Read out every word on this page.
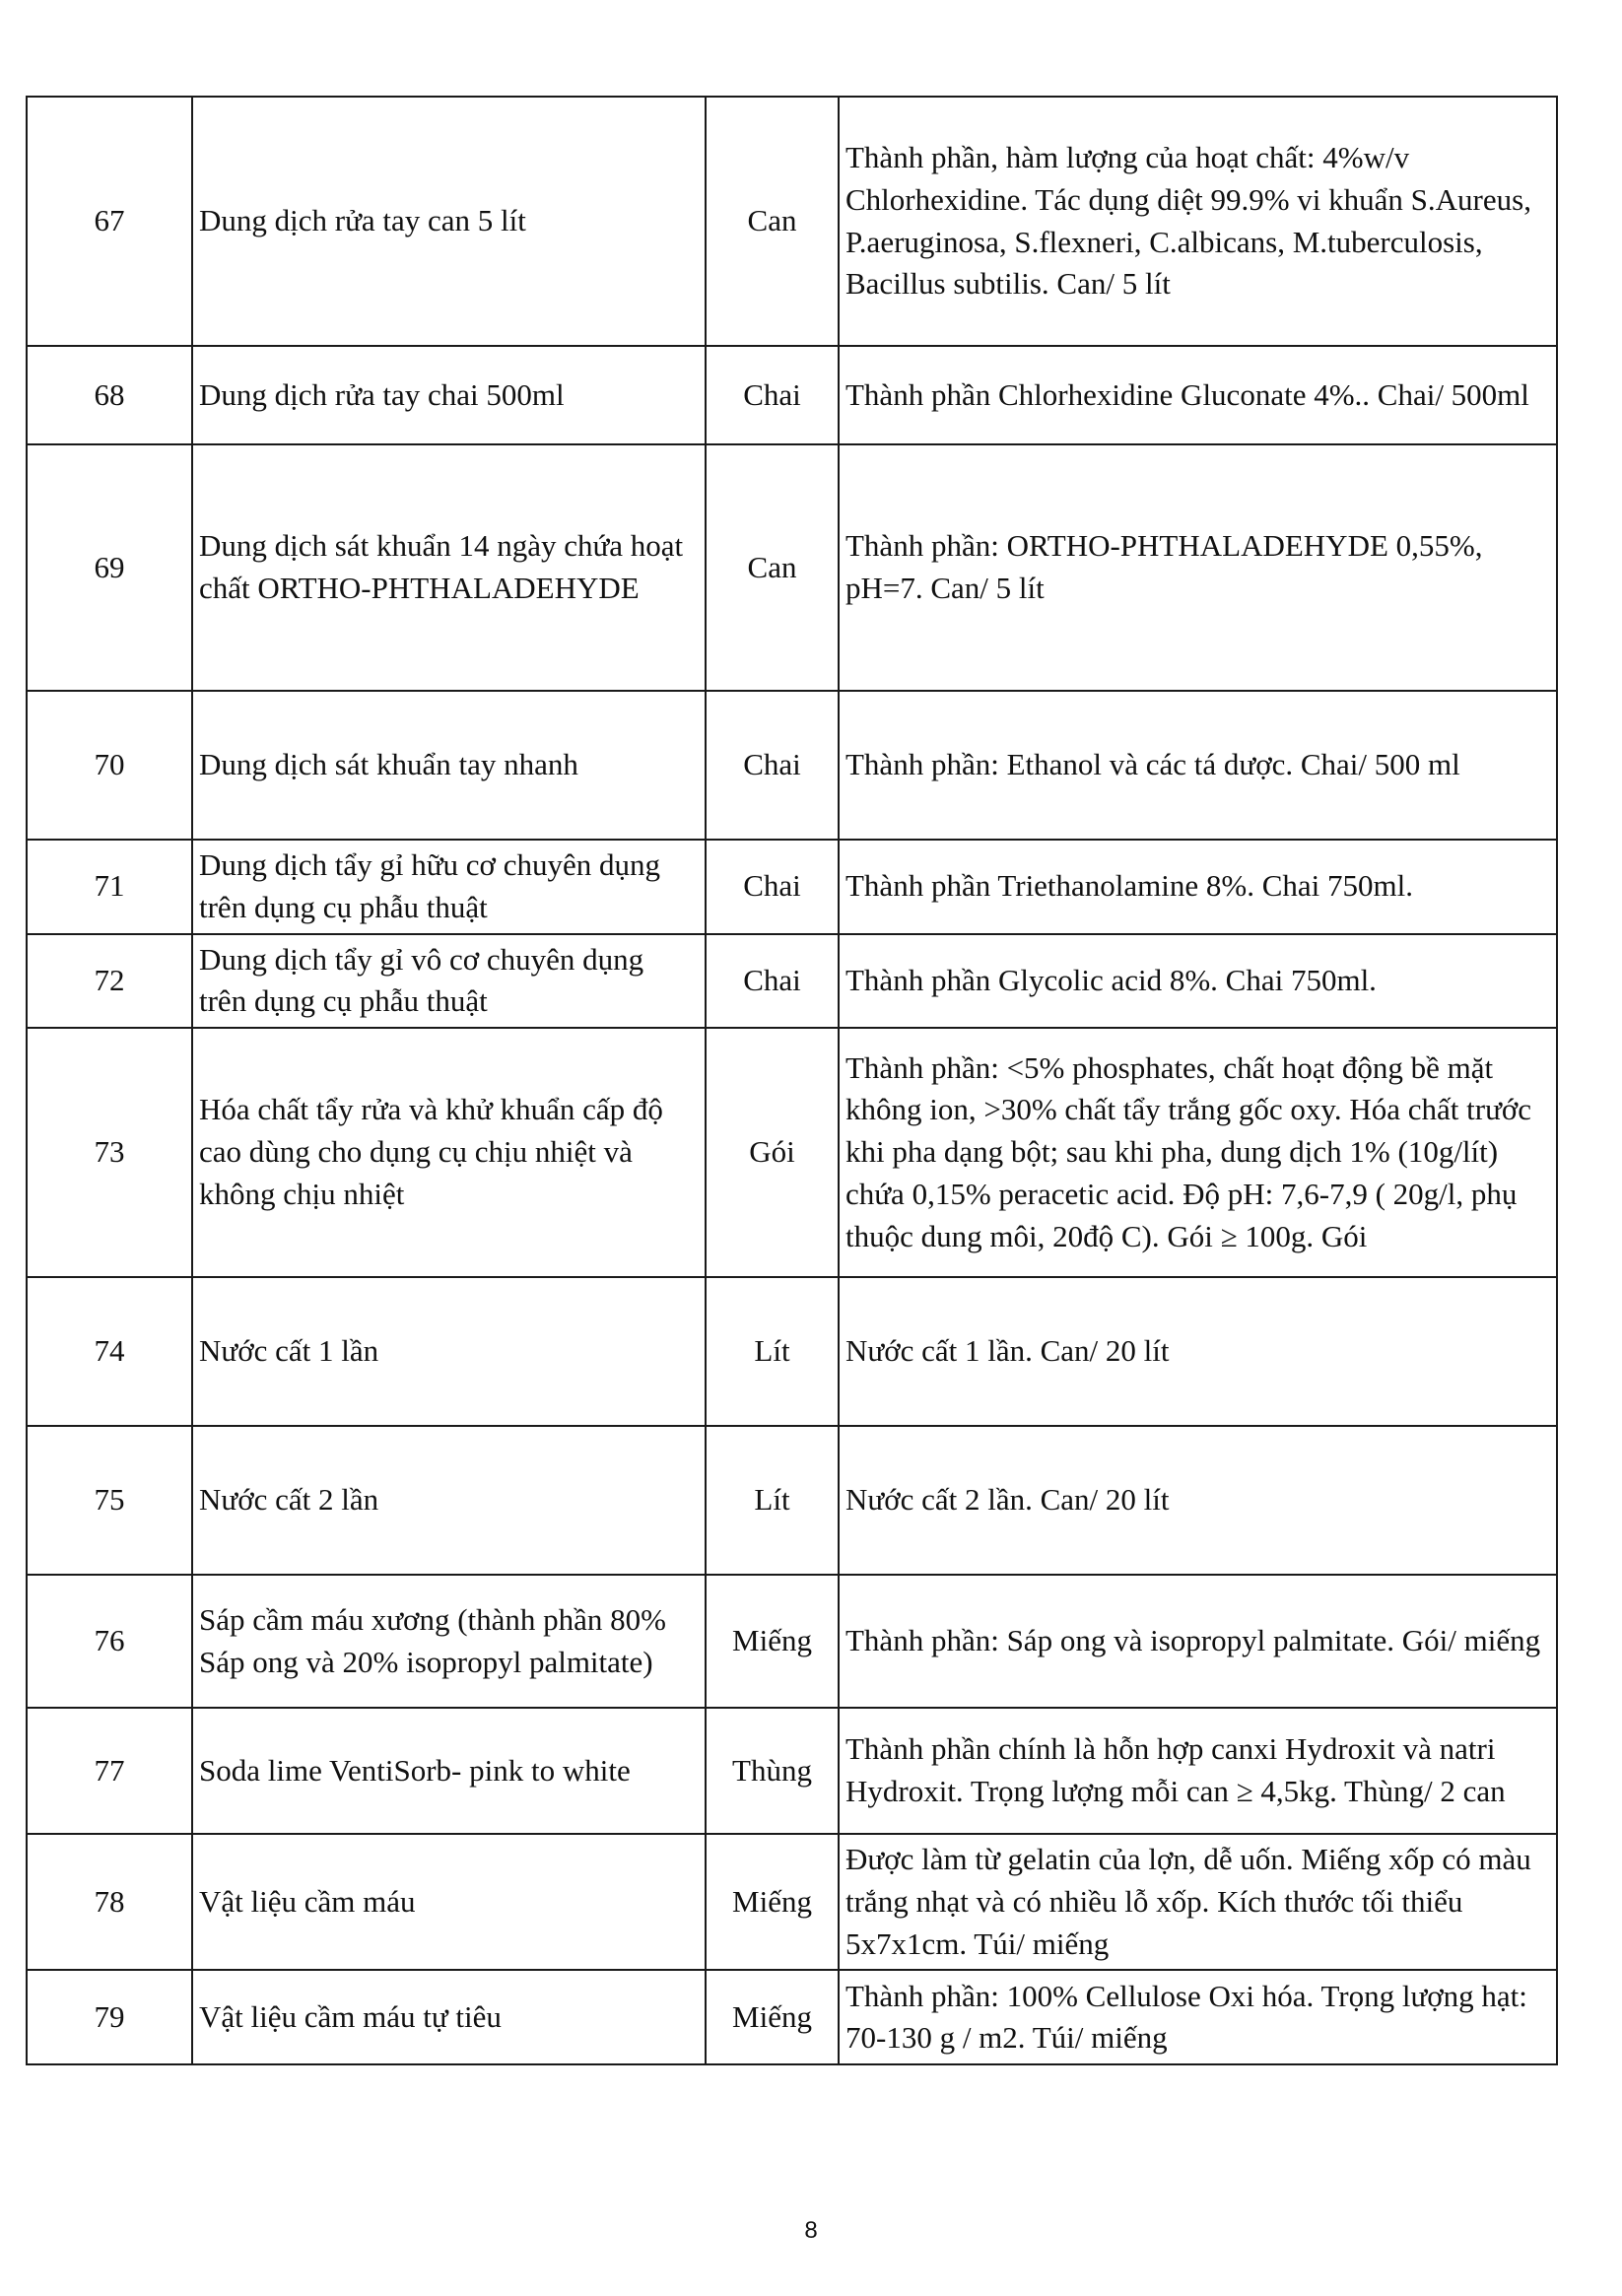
67	Dung dịch rửa tay can 5 lít	Can	Thành phần, hàm lượng của hoạt chất: 4%w/v Chlorhexidine. Tác dụng diệt 99.9% vi khuẩn S.Aureus, P.aeruginosa, S.flexneri, C.albicans, M.tuberculosis, Bacillus subtilis. Can/ 5 lít
68	Dung dịch rửa tay chai 500ml	Chai	Thành phần Chlorhexidine Gluconate 4%.. Chai/ 500ml
69	Dung dịch sát khuẩn 14 ngày chứa hoạt chất ORTHO-PHTHALADEHYDE	Can	Thành phần: ORTHO-PHTHALADEHYDE 0,55%, pH=7. Can/ 5 lít
70	Dung dịch sát khuẩn tay nhanh	Chai	Thành phần: Ethanol và các tá dược. Chai/ 500 ml
71	Dung dịch tẩy gỉ hữu cơ chuyên dụng trên dụng cụ phẫu thuật	Chai	Thành phần Triethanolamine 8%. Chai 750ml.
72	Dung dịch tẩy gỉ vô cơ chuyên dụng trên dụng cụ phẫu thuật	Chai	Thành phần Glycolic acid 8%. Chai 750ml.
73	Hóa chất tẩy rửa và khử khuẩn cấp độ cao dùng cho dụng cụ chịu nhiệt và không chịu nhiệt	Gói	Thành phần: <5% phosphates, chất hoạt động bề mặt không ion, >30% chất tẩy trắng gốc oxy. Hóa chất trước khi pha dạng bột; sau khi pha, dung dịch 1% (10g/lít) chứa 0,15% peracetic acid. Độ pH: 7,6-7,9 ( 20g/l, phụ thuộc dung môi, 20độ C). Gói ≥ 100g. Gói
74	Nước cất 1 lần	Lít	Nước cất 1 lần. Can/ 20 lít
75	Nước cất 2 lần	Lít	Nước cất 2 lần. Can/ 20 lít
76	Sáp cầm máu xương (thành phần 80% Sáp ong và 20% isopropyl palmitate)	Miếng	Thành phần: Sáp ong và isopropyl palmitate. Gói/ miếng
77	Soda lime VentiSorb- pink to white	Thùng	Thành phần chính là hỗn hợp canxi Hydroxit và natri Hydroxit. Trọng lượng mỗi can ≥ 4,5kg. Thùng/ 2 can
78	Vật liệu cầm máu	Miếng	Được làm từ gelatin của lợn, dễ uốn. Miếng xốp có màu trắng nhạt và có nhiều lỗ xốp. Kích thước tối thiểu 5x7x1cm. Túi/ miếng
79	Vật liệu cầm máu tự tiêu	Miếng	Thành phần: 100% Cellulose Oxi hóa. Trọng lượng hạt: 70-130 g / m2. Túi/ miếng
8
